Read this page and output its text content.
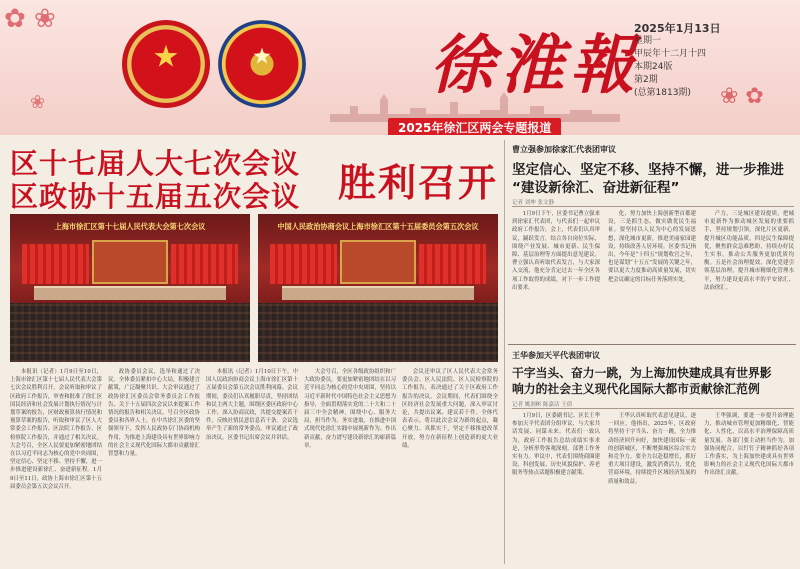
✿ ❀
❀ ✿
❀
★	★ 徐淮報
2025年1月13日
星期一
甲辰年十二月十四
本期24版
第2期
(总第1813期)
2025年徐汇区两会专题报道
区十七届人大七次会议
区政协十五届五次会议 胜利召开
上海市徐汇区第十七届人民代表大会第七次会议	中国人民政治协商会议上海市徐汇区第十五届委员会第五次会议

本报讯（记者）1月9日至10日，上海市徐汇区第十七届人民代表大会第七次会议胜利召开。会议听取和审议了区政府工作报告，审查和批准了徐汇区国民经济和社会发展计划执行情况与计划草案的报告，区财政预算执行情况和预算草案的报告，听取和审议了区人大常委会工作报告、区法院工作报告、区检察院工作报告，并通过了相关决议。大会号召，全区人民要更加紧密地团结在以习近平同志为核心的党中央周围，坚定信心、坚定不移、坚持不懈，进一步推进建设新徐汇、奋进新征程。1月9日至11日，政协上海市徐汇区第十五届委员会第五次会议召开。

政协委员会议，选举和通过了决议。全体委员紧扣中心大局，积极建言献策，广泛凝聚共识。大会审议通过了政协徐汇区委员会常务委员会工作报告、关于十五届四次会议以来提案工作情况的报告和相关决议，号召全区政协委员和各界人士，在中共徐汇区委的坚强领导下，发挥人民政协专门协商机构作用，为推进上海建设具有世界影响力的社会主义现代化国际大都市贡献徐汇智慧和力量。

本报讯（记者）1月10日下午，中国人民政治协商会议上海市徐汇区第十五届委员会第五次会议胜利闭幕。会议期间，委员们认真履职尽责，坚持团结和民主两大主题，围绕区委区政府中心工作，深入协商议政，共提交提案若干件，反映社情民意信息若干条。会议选举产生了新的常务委员，审议通过了政治决议。区委书记出席会议并讲话。

大会号召，全区各级政协组织和广大政协委员，要更加紧密地团结在以习近平同志为核心的党中央周围，坚持以习近平新时代中国特色社会主义思想为指导，全面贯彻落实党的二十大和二十届三中全会精神，围绕中心、服务大局，担当作为、务实进取，在推进中国式现代化徐汇实践中展现新作为、作出新贡献，奋力谱写建设新徐汇的崭新篇章。

会议还审议了区人民代表大会常务委员会、区人民法院、区人民检察院的工作报告，表决通过了关于区政府工作报告的决议。会议期间，代表们围绕全区经济社会发展重大问题，深入审议讨论，共提出议案、建议若干件。全体代表表示，将以此次会议为新的起点，凝心聚力、真抓实干，坚定不移推进改革开放，努力在新征程上创造新的更大业绩。

曹立强参加徐家汇代表团审议
坚定信心、坚定不移、坚持不懈，进一步推进
“建设新徐汇、奋进新征程”
记者 刘坤 张文静

1月9日下午，区委书记曹立强来到徐家汇代表团，与代表们一起审议政府工作报告。会上，代表们认真审议，踊跃发言，结合各自岗位实际，围绕产业发展、城市更新、民生保障、基层治理等方面提出意见建议。曹立强认真听取代表发言，与大家深入交流，他充分肯定过去一年全区各项工作取得的成绩，对下一步工作提出要求。

化，努力加快上海创新型首都建设，三是抓生态，做实做优民生福祉。要坚持以人民为中心的发展思想，深化城市更新，推进美丽家园建设，持续改善人居环境。区委书记指出，今年是“十四五”规划收官之年，也是谋划“十五五”发展的关键之年，要以更大力度推动高质量发展，切实把会议确定的目标任务落到实处。

产力，三是城区建设提质，把城市更新作为推动城区发展的重要抓手，坚持规划引领，深化片区更新，提升城区功能品质。四是民生保障提优，聚焦群众急难愁盼，持续办好民生实事，推动公共服务更加优质均衡。五是社会治理提效，深化党建引领基层治理，提升城市精细化管理水平，努力建设更高水平的平安徐汇、法治徐汇。

王华参加天平代表团审议
干字当头、奋力一跳，为上海加快建成具有世界影
响力的社会主义现代化国际大都市贡献徐汇范例
记者 姚润彬 陈嘉洁 王倩

1月9日，区委副书记、区长王华参加天平代表团分组审议，与大家共话发展、同谋未来。代表们一致认为，政府工作报告总结成绩实事求是，分析形势客观深刻，部署工作务实有力。审议中，代表们围绕商圈建设、科创发展、历史风貌保护、养老服务等热点话题积极建言献策。

王华认真听取代表意见建议，逐一回应，他指出，2025年，区政府将坚持干字当头、奋力一跳，全力推动经济回升向好，加快建设国际一流的创新城区，不断增强城区综合实力和竞争力。要全力以赴稳增长，抓好重大项目建设，激发消费活力，优化营商环境，持续提升区域经济发展的质量和效益。

王华强调，要进一步提升治理能力，推动城市管理更加精细化、智能化、人性化，以高水平治理保障高质量发展。各部门要主动担当作为，加强协同配合，以钉钉子精神抓好各项工作落实，为上海加快建成具有世界影响力的社会主义现代化国际大都市作出徐汇贡献。
